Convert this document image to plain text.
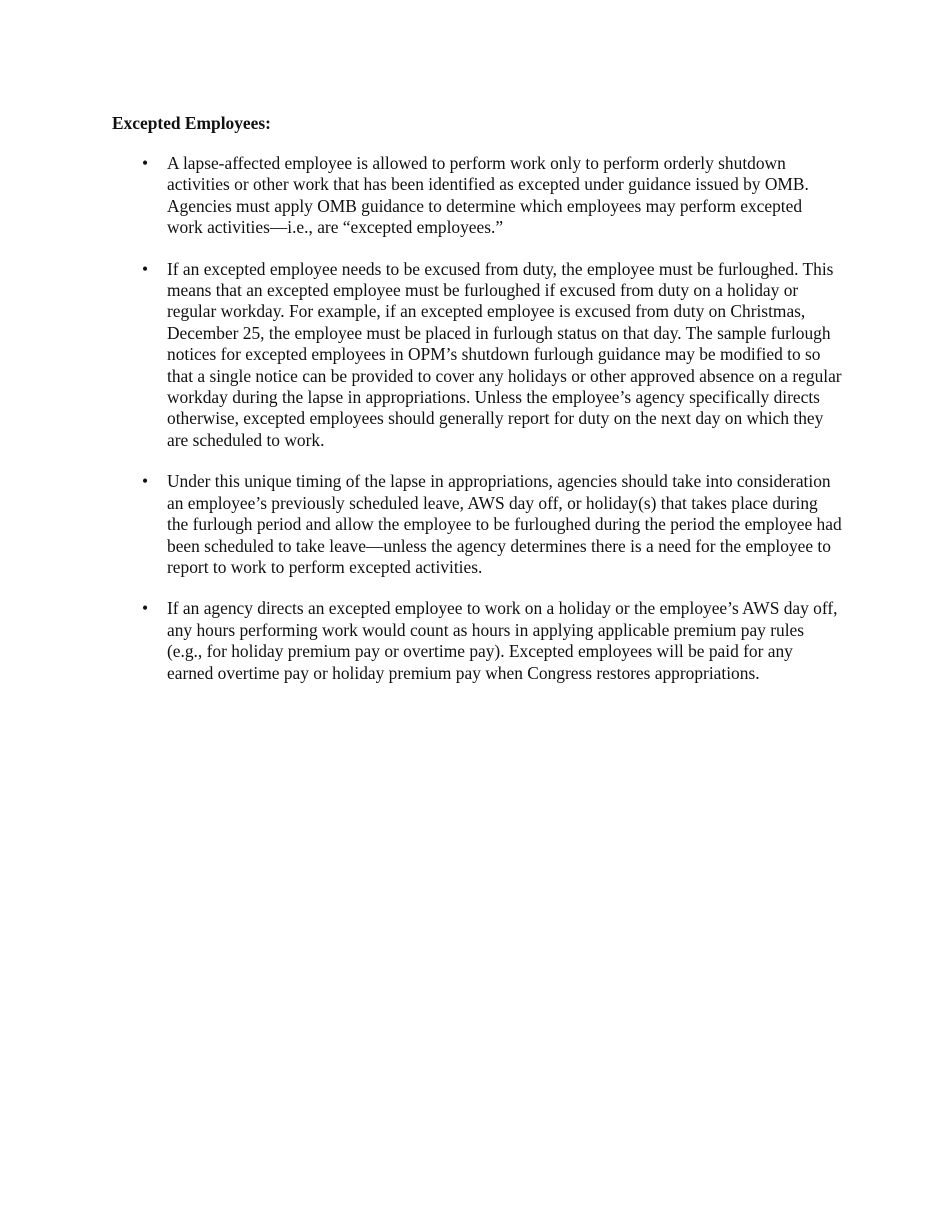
Excepted Employees:

• A lapse-affected employee is allowed to perform work only to perform orderly shutdown activities or other work that has been identified as excepted under guidance issued by OMB. Agencies must apply OMB guidance to determine which employees may perform excepted work activities—i.e., are “excepted employees.”
• If an excepted employee needs to be excused from duty, the employee must be furloughed. This means that an excepted employee must be furloughed if excused from duty on a holiday or regular workday. For example, if an excepted employee is excused from duty on Christmas, December 25, the employee must be placed in furlough status on that day. The sample furlough notices for excepted employees in OPM’s shutdown furlough guidance may be modified to so that a single notice can be provided to cover any holidays or other approved absence on a regular workday during the lapse in appropriations. Unless the employee’s agency specifically directs otherwise, excepted employees should generally report for duty on the next day on which they are scheduled to work.
• Under this unique timing of the lapse in appropriations, agencies should take into consideration an employee’s previously scheduled leave, AWS day off, or holiday(s) that takes place during the furlough period and allow the employee to be furloughed during the period the employee had been scheduled to take leave—unless the agency determines there is a need for the employee to report to work to perform excepted activities.
• If an agency directs an excepted employee to work on a holiday or the employee’s AWS day off, any hours performing work would count as hours in applying applicable premium pay rules (e.g., for holiday premium pay or overtime pay). Excepted employees will be paid for any earned overtime pay or holiday premium pay when Congress restores appropriations.
